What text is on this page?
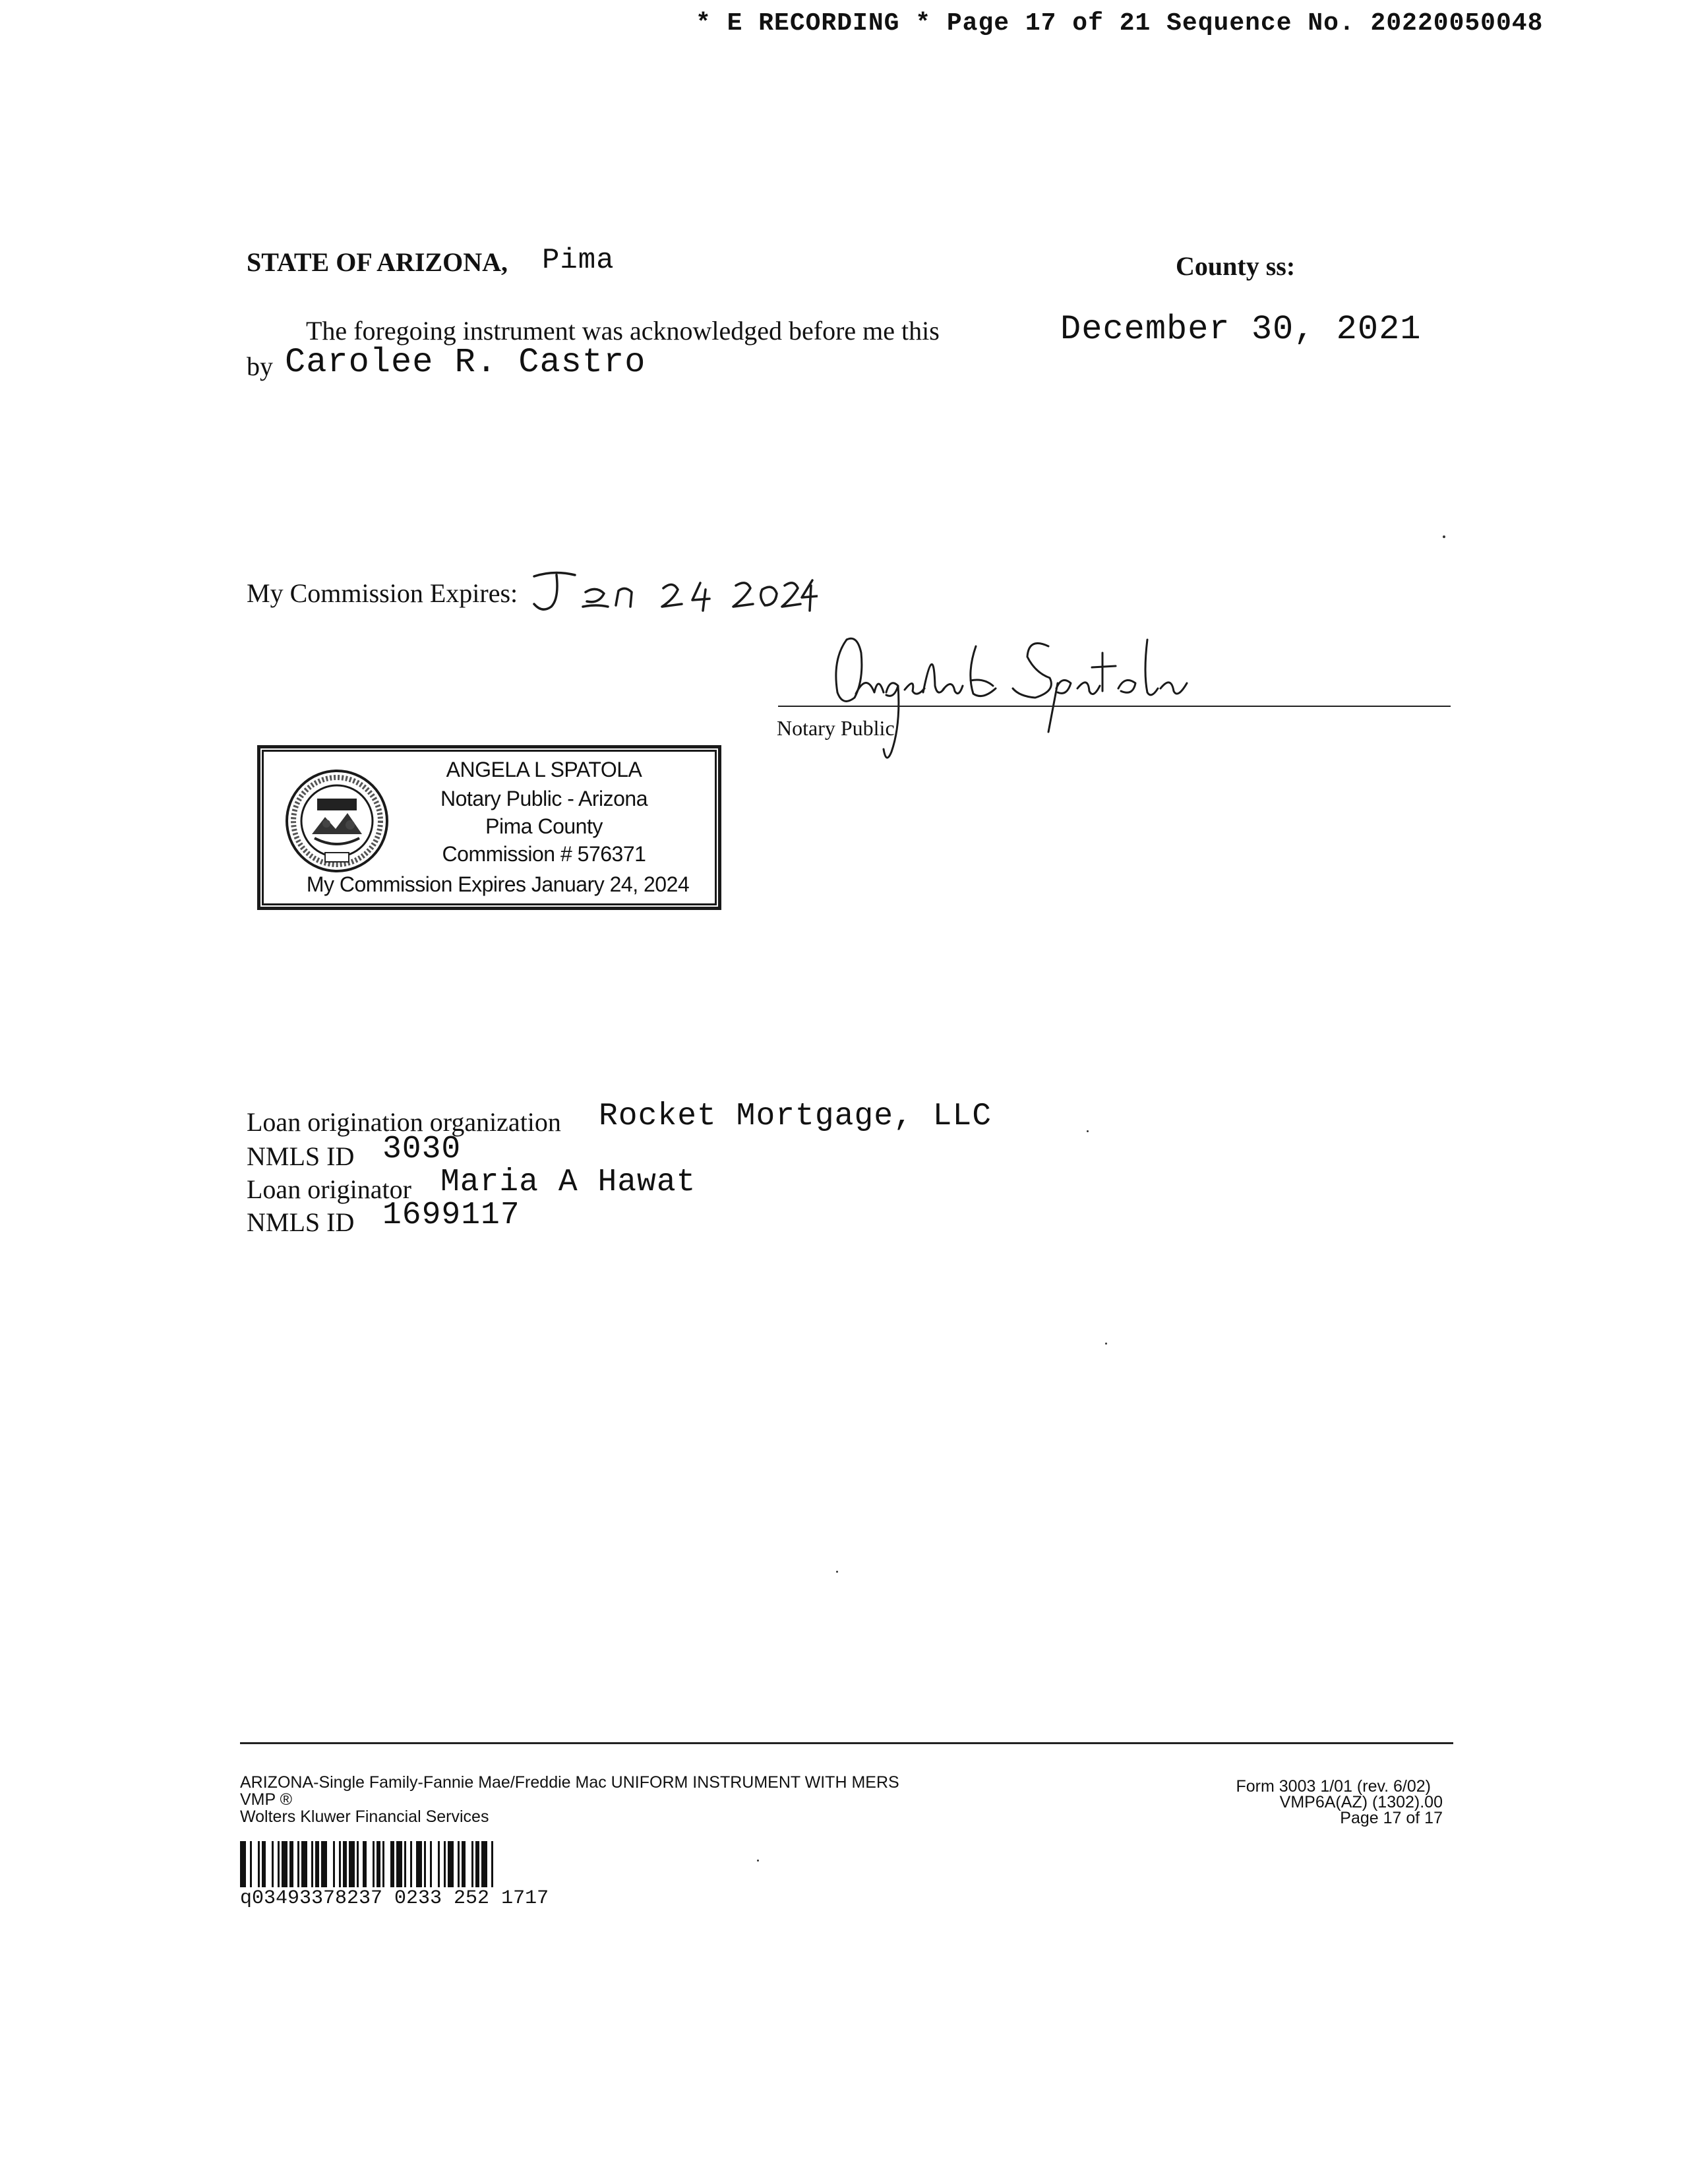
* E RECORDING * Page 17 of 21 Sequence No. 20220050048
STATE OF ARIZONA, Pima	County ss:
The foregoing instrument was acknowledged before me this	December 30, 2021
by Carolee R. Castro
My Commission Expires:
Notary Public
ANGELA L SPATOLA
Notary Public - Arizona
Pima County
Commission # 576371
My Commission Expires January 24, 2024
Loan origination organization Rocket Mortgage, LLC
NMLS ID 3030
Loan originator Maria A Hawat
NMLS ID 1699117
ARIZONA-Single Family-Fannie Mae/Freddie Mac UNIFORM INSTRUMENT WITH MERS
VMP ®
Wolters Kluwer Financial Services
Form 3003 1/01 (rev. 6/02)
VMP6A(AZ) (1302).00
Page 17 of 17
q03493378237 0233 252 1717
